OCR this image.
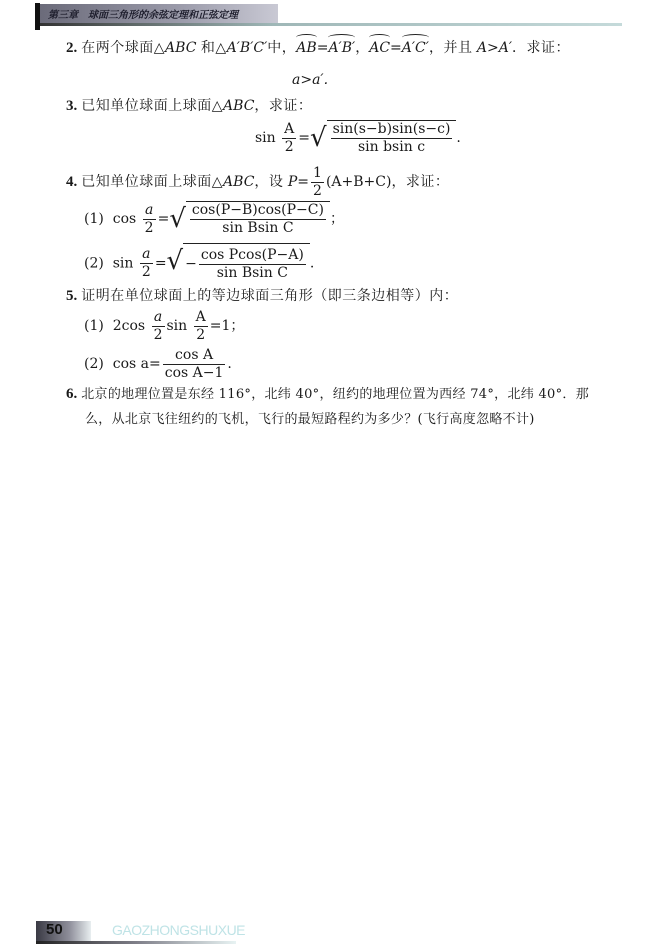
第三章　球面三角形的余弦定理和正弦定理
2. 在两个球面△ABC 和△A′B′C′中，AB=A′B′，AC=A′C′，并且 A>A′．求证：
a>a′.
3. 已知单位球面上球面△ABC，求证：
$\sin \frac{A}{2}$ = √ $\frac{\sin(s-b)\sin(s-c)}{\text{sin bsin c}}$ .
4. 已知单位球面上球面△ABC，设 $P= \frac{1}{2} (A+B+C)$，求证：
(1) $\cos \frac{a}{2}$ = √ $\frac{\cos(P-B)\cos(P-C)}{\text{sin Bsin C}}$ ；
(2) $\sin \frac{a}{2}$ = √ − $\frac{\text{cos Pcos(P−A)}}{\text{sin Bsin C}}$ .
5. 证明在单位球面上的等边球面三角形（即三条边相等）内：
(1) $2\cos \frac{a}{2}$ $\sin \frac{A}{2} =1$；
(2) $\cos a= \frac{\text{cos A}}{\text{cos A−1}}$ .
6. 北京的地理位置是东经 116°，北纬 40°，纽约的地理位置为西经 74°，北纬 40°．那
么，从北京飞往纽约的飞机，飞行的最短路程约为多少？(飞行高度忽略不计)
50	GAOZHONGSHUXUE
